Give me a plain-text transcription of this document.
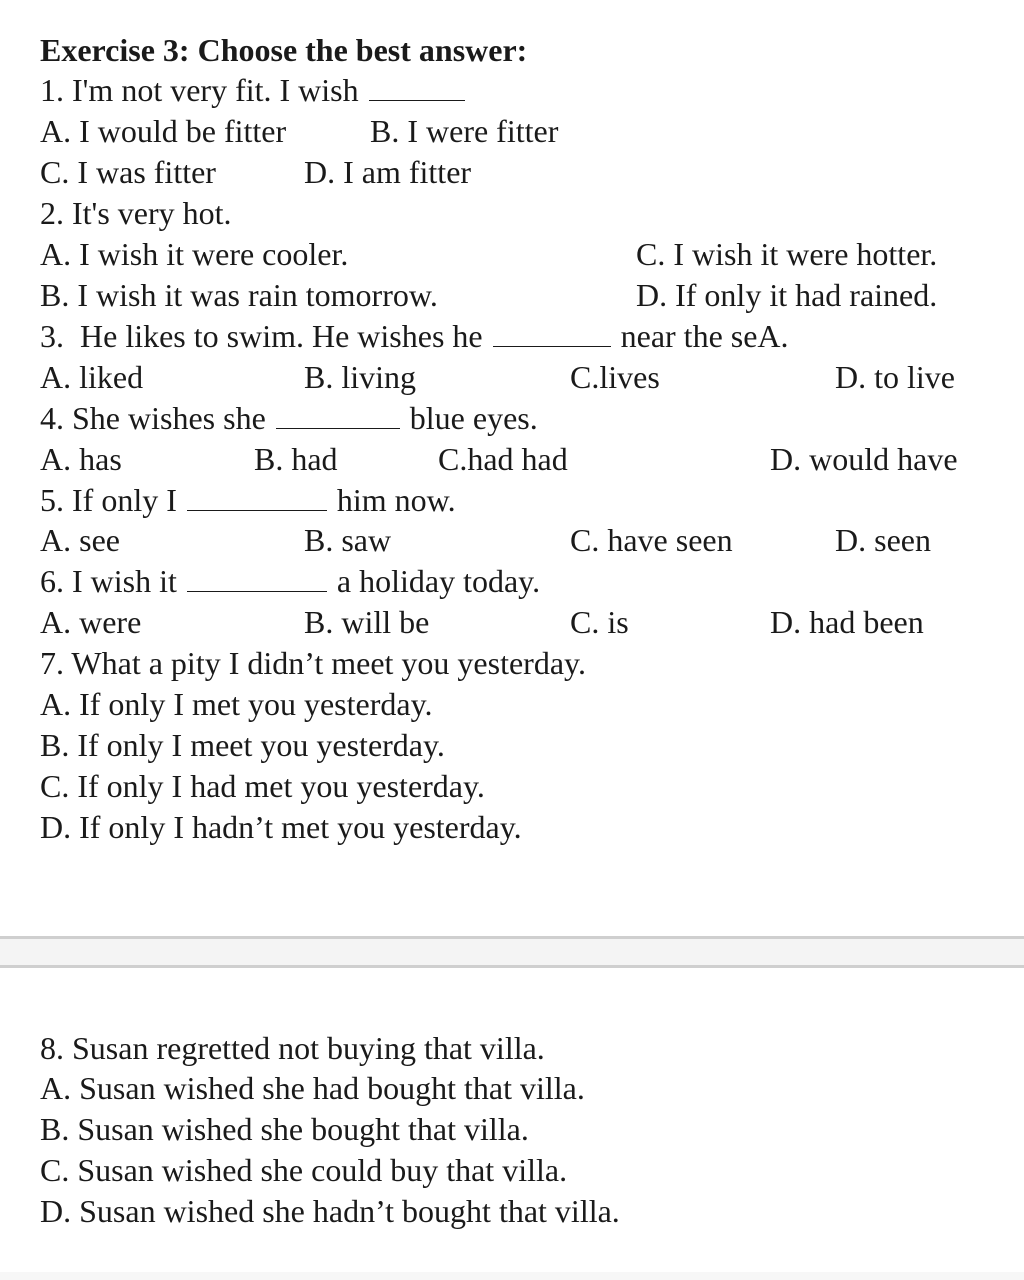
Exercise 3: Choose the best answer:
1. I'm not very fit. I wish
A. I would be fitter	B. I were fitter
C. I was fitter	D. I am fitter
2. It's very hot.
A. I wish it were cooler.	C. I wish it were hotter.
B. I wish it was rain tomorrow.	D. If only it had rained.
3.  He likes to swim. He wishes he	near the seA.
A. liked	B. living	C.lives	D. to live
4. She wishes she	blue eyes.
A. has	B. had	C.had had	D. would have
5. If only I	him now.
A. see	B. saw	C. have seen	D. seen
6. I wish it	a holiday today.
A. were	B. will be	C. is	D. had been
7. What a pity I didn’t meet you yesterday.
A. If only I met you yesterday.
B. If only I meet you yesterday.
C. If only I had met you yesterday.
D. If only I hadn’t met you yesterday.
8. Susan regretted not buying that villa.
A. Susan wished she had bought that villa.
B. Susan wished she bought that villa.
C. Susan wished she could buy that villa.
D. Susan wished she hadn’t bought that villa.
